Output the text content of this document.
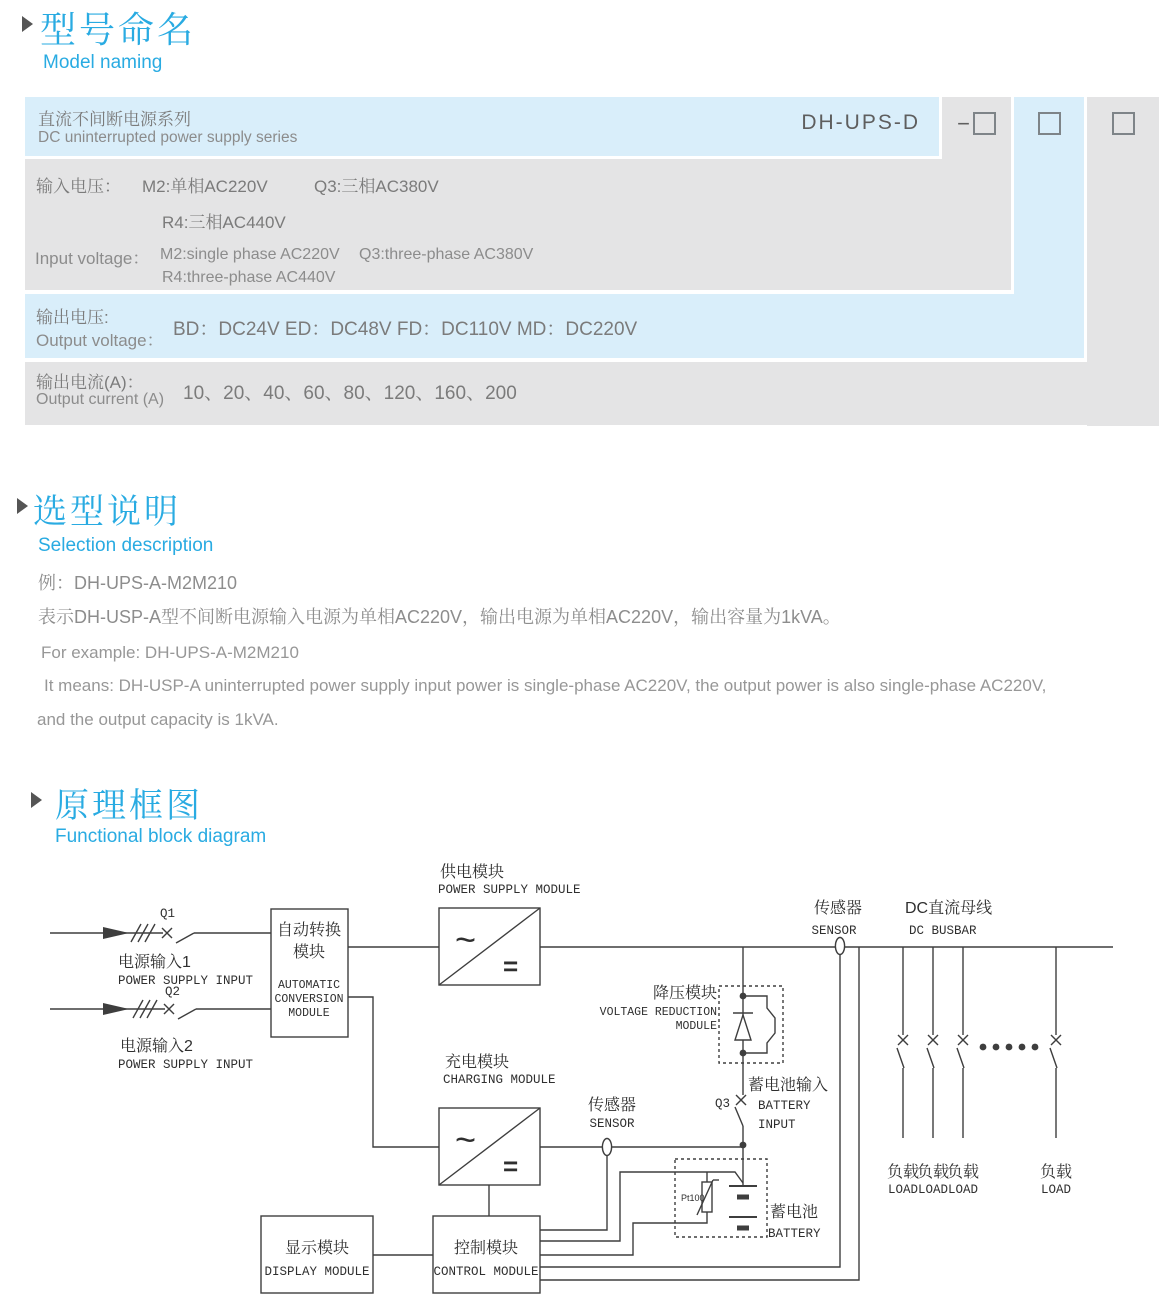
型号命名
Model naming
−
直流不间断电源系列
DC uninterrupted power supply series
DH-UPS-D
输入电压： M2:单相AC220V	Q3:三相AC380V
R4:三相AC440V
Input voltage： M2:single phase AC220V Q3:three-phase AC380V
R4:three-phase AC440V
输出电压:
Output voltage：
BD：DC24V ED：DC48V FD：DC110V MD：DC220V
输出电流(A)：
Output current (A) 10、20、40、60、80、120、160、200
选型说明
Selection description
例：DH-UPS-A-M2M210
表示DH-USP-A型不间断电源输入电源为单相AC220V，输出电源为单相AC220V，输出容量为1kVA。
For example: DH-UPS-A-M2M210
It means: DH-USP-A uninterrupted power supply input power is single-phase AC220V, the output power is also single-phase AC220V,
and the output capacity is 1kVA.
原理框图
Functional block diagram
~
=
~
=
Q1
Q2
电源输入1
POWER SUPPLY INPUT
电源输入2
POWER SUPPLY INPUT
自动转换
模块
AUTOMATIC
CONVERSION
MODULE
供电模块
POWER SUPPLY MODULE
充电模块
CHARGING MODULE
传感器
SENSOR
传感器
SENSOR
DC直流母线
DC BUSBAR
降压模块
VOLTAGE REDUCTION
MODULE
蓄电池输入
Q3 BATTERY
INPUT
蓄电池
BATTERY
Pt100
显示模块
DISPLAY MODULE
控制模块
CONTROL MODULE
负载
负载
负载	负载
LOAD LOAD LOAD	LOAD
